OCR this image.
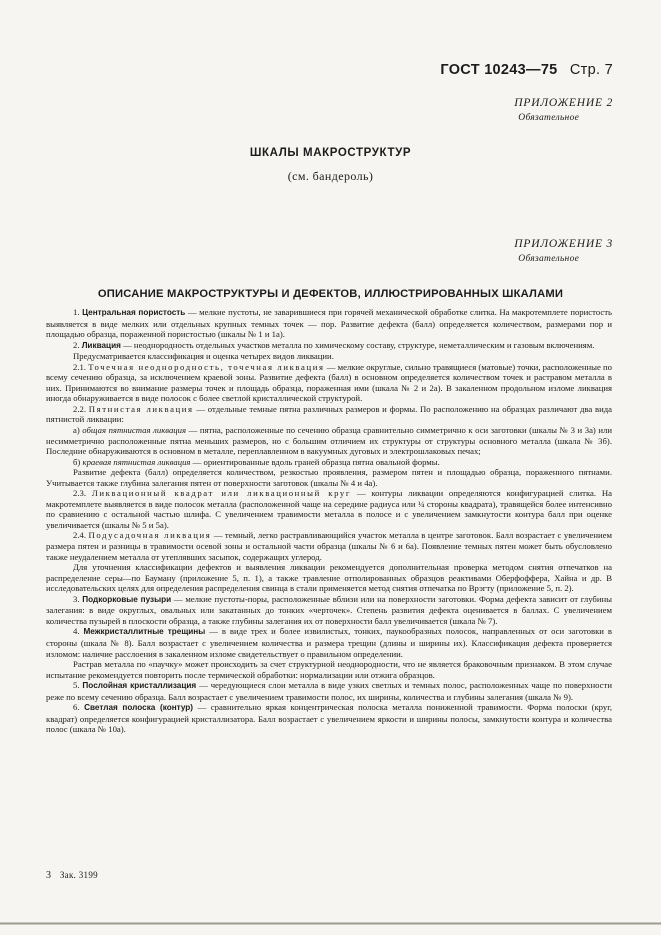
ГОСТ 10243—75 Стр. 7
ПРИЛОЖЕНИЕ 2
Обязательное
ШКАЛЫ МАКРОСТРУКТУР
(см. бандероль)
ПРИЛОЖЕНИЕ 3
Обязательное
ОПИСАНИЕ МАКРОСТРУКТУРЫ И ДЕФЕКТОВ, ИЛЛЮСТРИРОВАННЫХ ШКАЛАМИ

1. Центральная пористость — мелкие пустоты, не заварившиеся при горячей механической обработке слитка. На макротемплете пористость выявляется в виде мелких или отдельных крупных темных точек — пор. Развитие дефекта (балл) определяется количеством, размерами пор и площадью образца, пораженной пористостью (шкалы № 1 и 1а).

2. Ликвация — неоднородность отдельных участков металла по химическому составу, структуре, неметаллическим и газовым включениям.

Предусматривается классификация и оценка четырех видов ликвации.

2.1. Точечная неоднородность, точечная ликвация — мелкие округлые, сильно травящиеся (матовые) точки, расположенные по всему сечению образца, за исключением краевой зоны. Развитие дефекта (балл) в основном определяется количеством точек и растравом металла в них. Принимаются во внимание размеры точек и площадь образца, пораженная ими (шкала № 2 и 2а). В закаленном продольном изломе ликвация иногда обнаруживается в виде полосок с более светлой кристаллической структурой.

2.2. Пятнистая ликвация — отдельные темные пятна различных размеров и формы. По расположению на образцах различают два вида пятнистой ликвации:

а) общая пятнистая ликвация — пятна, расположенные по сечению образца сравнительно симметрично к оси заготовки (шкалы № 3 и 3а) или несимметрично расположенные пятна меньших размеров, но с большим отличием их структуры от структуры основного металла (шкала № 3б). Последние обнаруживаются в основном в металле, переплавленном в вакуумных дуговых и электрошлаковых печах;

б) краевая пятнистая ликвация — ориентированные вдоль граней образца пятна овальной формы.

Развитие дефекта (балл) определяется количеством, резкостью проявления, размером пятен и площадью образца, пораженного пятнами. Учитывается также глубина залегания пятен от поверхности заготовок (шкалы № 4 и 4а).

2.3. Ликвационный квадрат или ликвационный круг — контуры ликвации определяются конфигурацией слитка. На макротемплете выявляется в виде полосок металла (расположенной чаще на середине радиуса или ¼ стороны квадрата), травящейся более интенсивно по сравнению с остальной частью шлифа. С увеличением травимости металла в полосе и с увеличением замкнутости контура балл при оценке увеличивается (шкалы № 5 и 5а).

2.4. Подусадочная ликвация — темный, легко растравливающийся участок металла в центре заготовок. Балл возрастает с увеличением размера пятен и разницы в травимости осевой зоны и остальной части образца (шкалы № 6 и 6а). Появление темных пятен может быть обусловлено также неудалением металла от утеплявших засыпок, содержащих углерод.

Для уточнения классификации дефектов и выявления ликвации рекомендуется дополнительная проверка методом снятия отпечатков на распределение серы—по Бауману (приложение 5, п. 1), а также травление отполированных образцов реактивами Оберфоффера, Хайна и др. В исследовательских целях для определения распределения свинца в стали применяется метод снятия отпечатка по Врэгту (приложение 5, п. 2).

3. Подкорковые пузыри — мелкие пустоты-поры, расположенные вблизи или на поверхности заготовки. Форма дефекта зависит от глубины залегания: в виде округлых, овальных или закатанных до тонких «черточек». Степень развития дефекта оценивается в баллах. С увеличением количества пузырей в плоскости образца, а также глубины залегания их от поверхности балл увеличивается (шкала № 7).

4. Межкристаллитные трещины — в виде трех и более извилистых, тонких, паукообразных полосок, направленных от оси заготовки в стороны (шкала № 8). Балл возрастает с увеличением количества и размера трещин (длины и ширины их). Классификация дефекта проверяется изломом: наличие расслоения в закаленном изломе свидетельствует о правильном определении.

Растрав металла по «паучку» может происходить за счет структурной неоднородности, что не является браковочным признаком. В этом случае испытание рекомендуется повторить после термической обработки: нормализации или отжига образцов.

5. Послойная кристаллизация — чередующиеся слои металла в виде узких светлых и темных полос, расположенных чаще по поверхности реже по всему сечению образца. Балл возрастает с увеличением травимости полос, их ширины, количества и глубины залегания (шкала № 9).

6. Светлая полоска (контур) — сравнительно яркая концентрическая полоска металла пониженной травимости. Форма полоски (круг, квадрат) определяется конфигурацией кристаллизатора. Балл возрастает с увеличением яркости и ширины полосы, замкнутости контура и количества полос (шкала № 10а).

3 Зак. 3199
